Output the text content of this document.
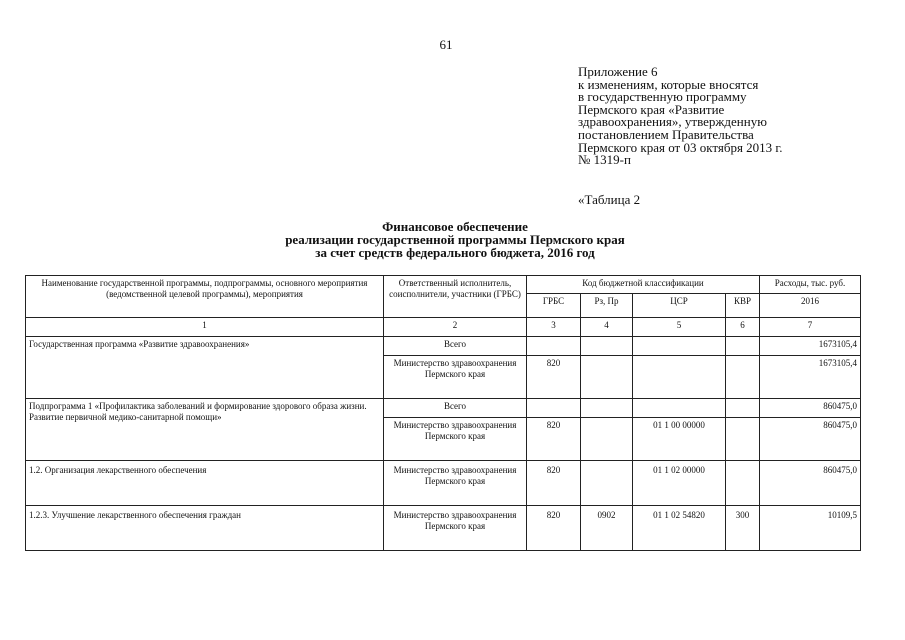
61
Приложение 6
к изменениям, которые вносятся
в государственную программу
Пермского края «Развитие
здравоохранения», утвержденную
постановлением Правительства
Пермского края от 03 октября 2013 г.
№ 1319-п
«Таблица 2
Финансовое обеспечение
реализации государственной программы Пермского края
за счет средств федерального бюджета, 2016 год
Наименование государственной программы, подпрограммы, основного мероприятия (ведомственной целевой программы), мероприятия	Ответственный исполнитель, соисполнители, участники (ГРБС)	Код бюджетной классификации				Расходы, тыс. руб.
		ГРБС	Рз, Пр	ЦСР	КВР	2016
1	2	3	4	5	6	7
Государственная программа «Развитие здравоохранения»	Всего					1673105,4
	Министерство здравоохранения Пермского края	820				1673105,4
Подпрограмма 1 «Профилактика заболеваний и формирование здорового образа жизни. Развитие первичной медико-санитарной помощи»	Всего					860475,0
	Министерство здравоохранения Пермского края	820		01 1 00 00000		860475,0
1.2. Организация лекарственного обеспечения	Министерство здравоохранения Пермского края	820		01 1 02 00000		860475,0
1.2.3. Улучшение лекарственного обеспечения граждан	Министерство здравоохранения Пермского края	820	0902	01 1 02 54820	300	10109,5
